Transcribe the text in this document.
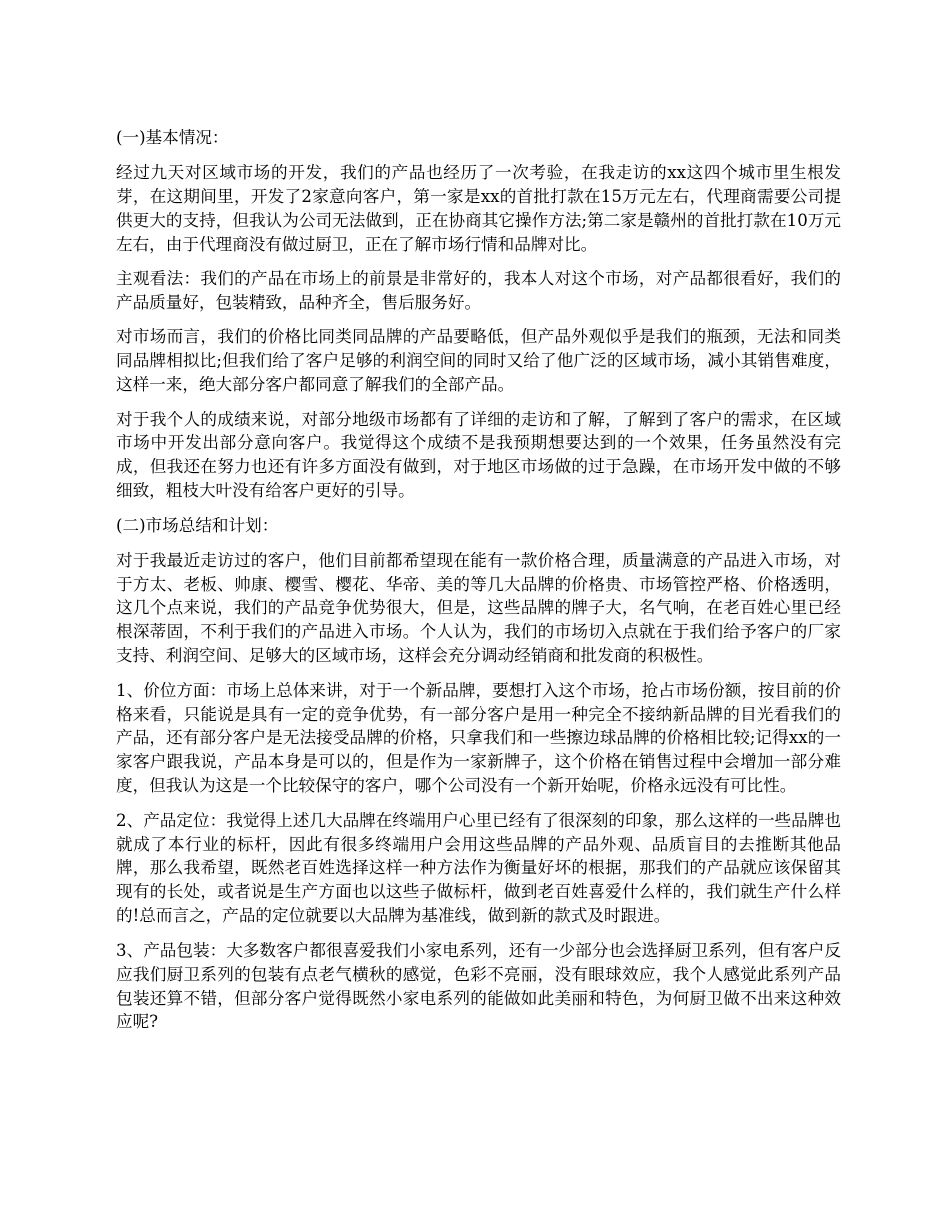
(一)基本情况：

经过九天对区域市场的开发，我们的产品也经历了一次考验，在我走访的xx这四个城市里生根发芽，在这期间里，开发了2家意向客户，第一家是xx的首批打款在15万元左右，代理商需要公司提供更大的支持，但我认为公司无法做到，正在协商其它操作方法;第二家是赣州的首批打款在10万元左右，由于代理商没有做过厨卫，正在了解市场行情和品牌对比。

主观看法：我们的产品在市场上的前景是非常好的，我本人对这个市场，对产品都很看好，我们的产品质量好，包装精致，品种齐全，售后服务好。

对市场而言，我们的价格比同类同品牌的产品要略低，但产品外观似乎是我们的瓶颈，无法和同类同品牌相拟比;但我们给了客户足够的利润空间的同时又给了他广泛的区域市场，减小其销售难度，这样一来，绝大部分客户都同意了解我们的全部产品。

对于我个人的成绩来说，对部分地级市场都有了详细的走访和了解，了解到了客户的需求，在区域市场中开发出部分意向客户。我觉得这个成绩不是我预期想要达到的一个效果，任务虽然没有完成，但我还在努力也还有许多方面没有做到，对于地区市场做的过于急躁，在市场开发中做的不够细致，粗枝大叶没有给客户更好的引导。

(二)市场总结和计划：

对于我最近走访过的客户，他们目前都希望现在能有一款价格合理，质量满意的产品进入市场，对于方太、老板、帅康、樱雪、樱花、华帝、美的等几大品牌的价格贵、市场管控严格、价格透明，这几个点来说，我们的产品竞争优势很大，但是，这些品牌的牌子大，名气响，在老百姓心里已经根深蒂固，不利于我们的产品进入市场。个人认为，我们的市场切入点就在于我们给予客户的厂家支持、利润空间、足够大的区域市场，这样会充分调动经销商和批发商的积极性。

1、价位方面：市场上总体来讲，对于一个新品牌，要想打入这个市场，抢占市场份额，按目前的价格来看，只能说是具有一定的竞争优势，有一部分客户是用一种完全不接纳新品牌的目光看我们的产品，还有部分客户是无法接受品牌的价格，只拿我们和一些擦边球品牌的价格相比较;记得xx的一家客户跟我说，产品本身是可以的，但是作为一家新牌子，这个价格在销售过程中会增加一部分难度，但我认为这是一个比较保守的客户，哪个公司没有一个新开始呢，价格永远没有可比性。

2、产品定位：我觉得上述几大品牌在终端用户心里已经有了很深刻的印象，那么这样的一些品牌也就成了本行业的标杆，因此有很多终端用户会用这些品牌的产品外观、品质盲目的去推断其他品牌，那么我希望，既然老百姓选择这样一种方法作为衡量好坏的根据，那我们的产品就应该保留其现有的长处，或者说是生产方面也以这些子做标杆，做到老百姓喜爱什么样的，我们就生产什么样的!总而言之，产品的定位就要以大品牌为基准线，做到新的款式及时跟进。

3、产品包装：大多数客户都很喜爱我们小家电系列，还有一少部分也会选择厨卫系列，但有客户反应我们厨卫系列的包装有点老气横秋的感觉，色彩不亮丽，没有眼球效应，我个人感觉此系列产品包装还算不错，但部分客户觉得既然小家电系列的能做如此美丽和特色，为何厨卫做不出来这种效应呢?
